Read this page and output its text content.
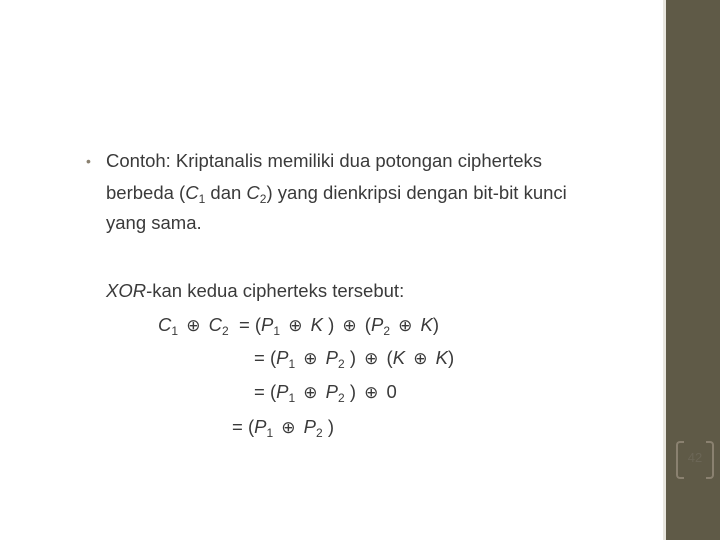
• Contoh: Kriptanalis memiliki dua potongan cipherteks
berbeda ($C_1$ dan $C_2$) yang dienkripsi dengan bit-bit kunci
yang sama.
XOR-kan kedua cipherteks tersebut:
$C_1$ ⊕ $C_2 = (P_1$ ⊕ K ) ⊕ ($P_2$ ⊕ K)
= ($P_1$ ⊕ $P_2$ ) ⊕ (K ⊕ K)
= ($P_1$ ⊕ $P_2$ ) ⊕ 0
= ($P_1$ ⊕ $P_2$ )
42
